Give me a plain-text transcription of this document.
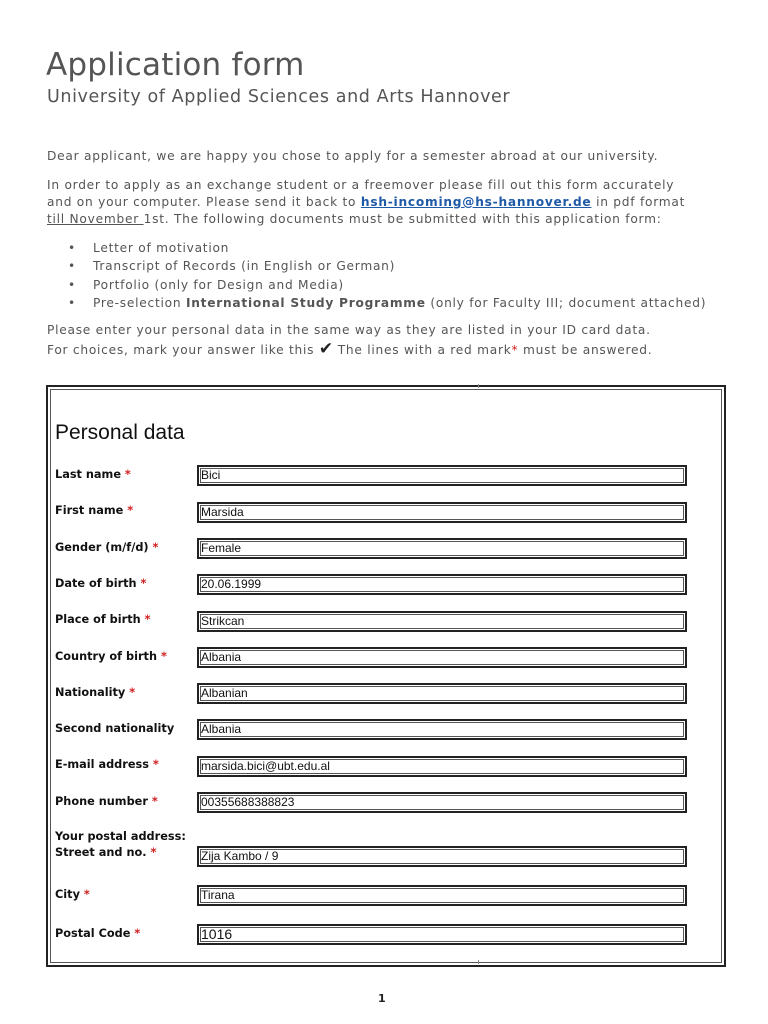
Application form
University of Applied Sciences and Arts Hannover
Dear applicant, we are happy you chose to apply for a semester abroad at our university.
In order to apply as an exchange student or a freemover please fill out this form accurately
and on your computer. Please send it back to hsh-incoming@hs-hannover.de in pdf format
till November 1st. The following documents must be submitted with this application form:
• Letter of motivation
• Transcript of Records (in English or German)
• Portfolio (only for Design and Media)
• Pre-selection International Study Programme (only for Faculty III; document attached)
Please enter your personal data in the same way as they are listed in your ID card data.
For choices, mark your answer like this ✔ The lines with a red mark* must be answered.
Personal data
Last name *	Bici
First name *	Marsida
Gender (m/f/d) *	Female
Date of birth *	20.06.1999
Place of birth *	Strikcan
Country of birth *	Albania
Nationality *	Albanian
Second nationality Albania
E-mail address *	marsida.bici@ubt.edu.al
Phone number *	00355688388823
Your postal address:
Street and no. *	Zija Kambo / 9
City *	Tirana
Postal Code *	1016
1
